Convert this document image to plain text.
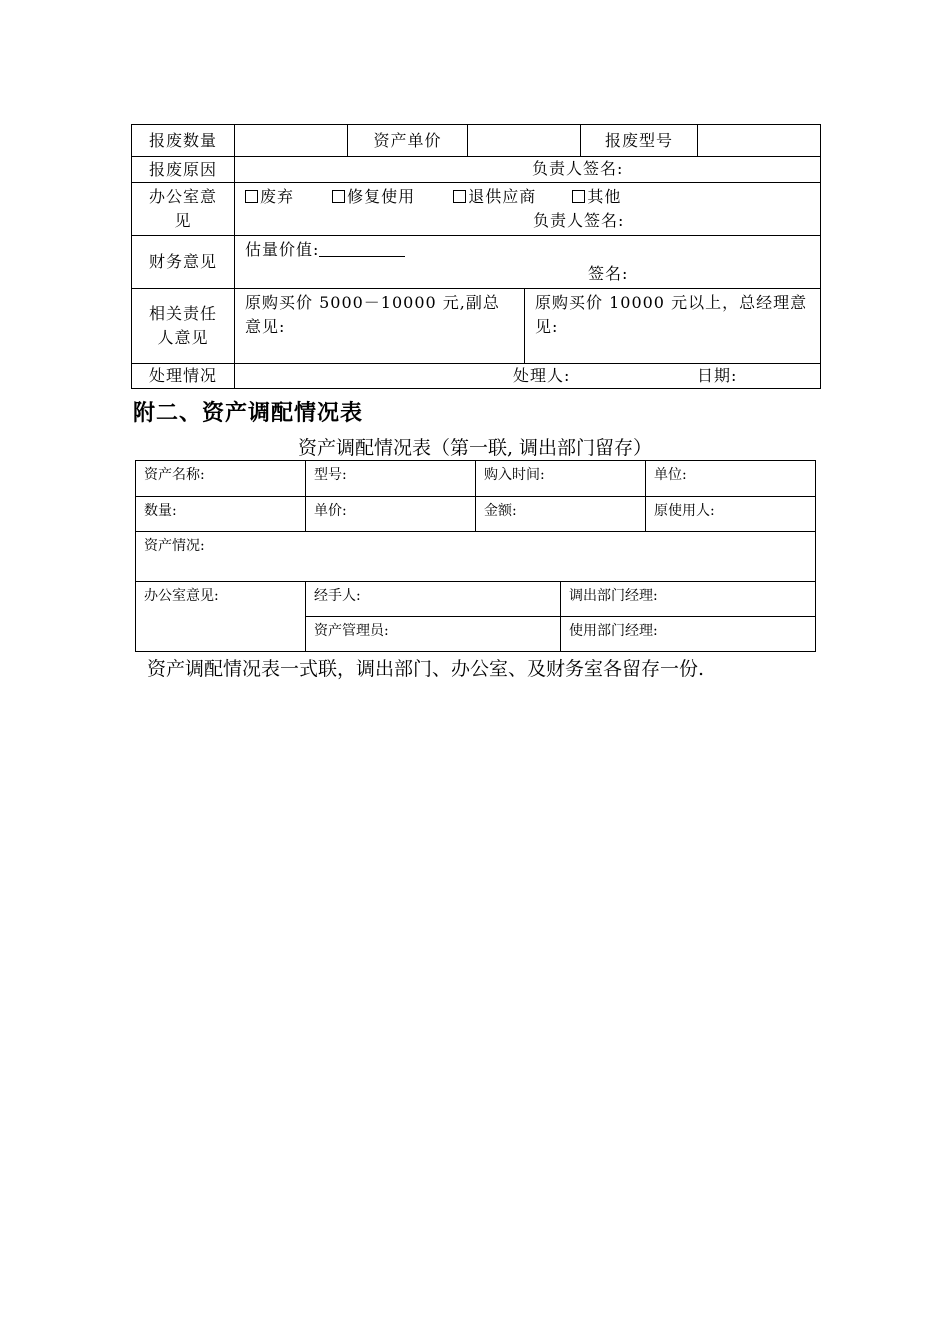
报废数量		资产单价			报废型号	
报废原因	负责人签名:					

办公室意见	废弃 修复使用 退供应商 其他
负责人签名:					

财务意见	估量价值:
签名:					

相关责任人意见	原购买价 5000－10000 元,副总意见:			原购买价 10000 元以上，总经理意见:		
处理情况	处理人: 日期:					
附二、资产调配情况表
资产调配情况表（第一联, 调出部门留存）
资产名称:	型号:	购入时间:		单位:
数量:	单价:	金额:		原使用人:
资产情况:				
办公室意见:	经手人:		调出部门经理:	
	资产管理员:		使用部门经理:	
资产调配情况表一式联，调出部门、办公室、及财务室各留存一份.
